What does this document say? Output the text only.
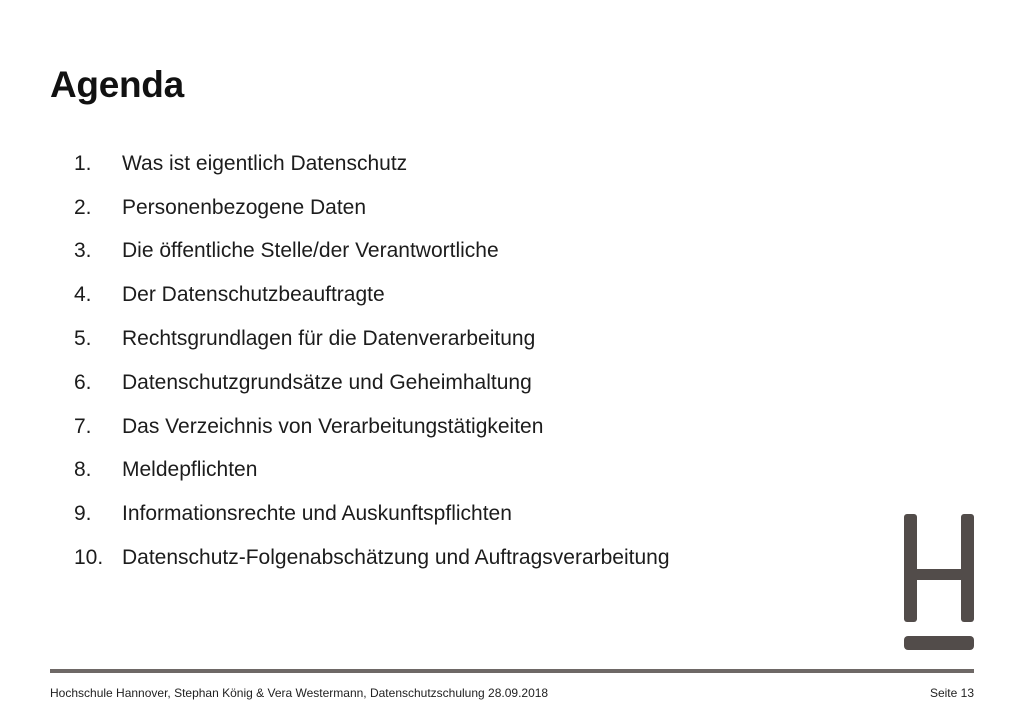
Agenda
1.	Was ist eigentlich Datenschutz
2.	Personenbezogene Daten
3.	Die öffentliche Stelle/der Verantwortliche
4.	Der Datenschutzbeauftragte
5.	Rechtsgrundlagen für die Datenverarbeitung
6.	Datenschutzgrundsätze und Geheimhaltung
7.	Das Verzeichnis von Verarbeitungstätigkeiten
8.	Meldepflichten
9.	Informationsrechte und Auskunftspflichten
10. Datenschutz-Folgenabschätzung und Auftragsverarbeitung
Hochschule Hannover, Stephan König & Vera Westermann, Datenschutzschulung 28.09.2018	Seite 13
